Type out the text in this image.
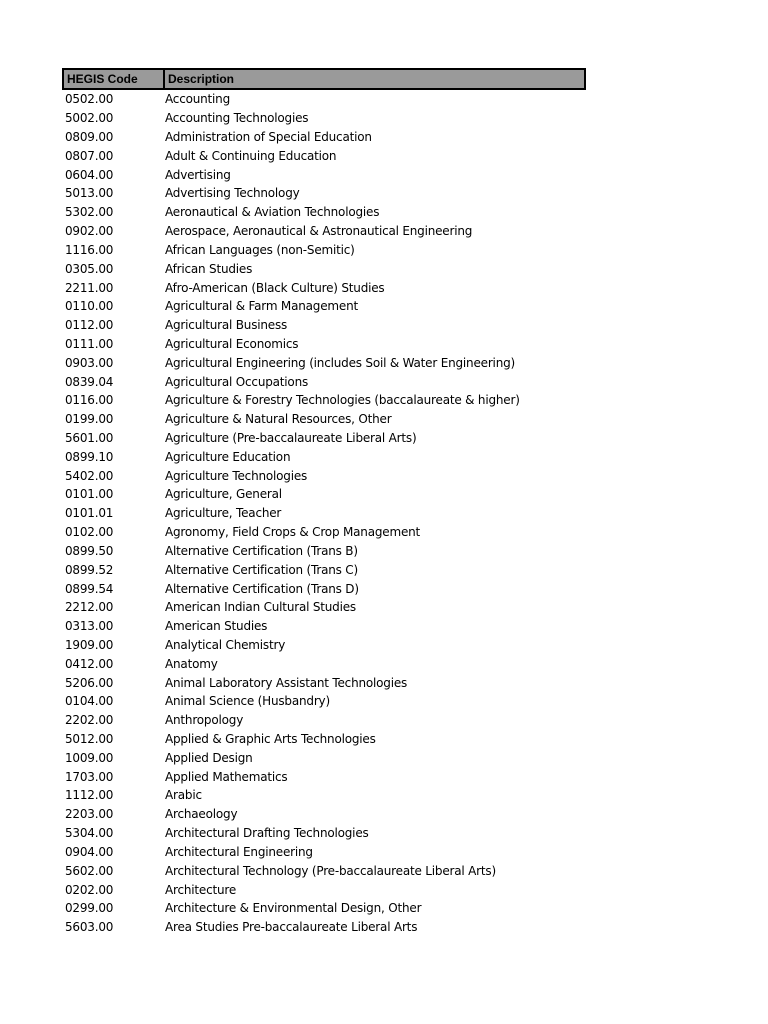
HEGIS Code	Description
0502.00	Accounting
5002.00	Accounting Technologies
0809.00	Administration of Special Education
0807.00	Adult & Continuing Education
0604.00	Advertising
5013.00	Advertising Technology
5302.00	Aeronautical & Aviation Technologies
0902.00	Aerospace, Aeronautical & Astronautical Engineering
1116.00	African Languages (non-Semitic)
0305.00	African Studies
2211.00	Afro-American (Black Culture) Studies
0110.00	Agricultural & Farm Management
0112.00	Agricultural Business
0111.00	Agricultural Economics
0903.00	Agricultural Engineering (includes Soil & Water Engineering)
0839.04	Agricultural Occupations
0116.00	Agriculture & Forestry Technologies (baccalaureate & higher)
0199.00	Agriculture & Natural Resources, Other
5601.00	Agriculture (Pre-baccalaureate Liberal Arts)
0899.10	Agriculture Education
5402.00	Agriculture Technologies
0101.00	Agriculture, General
0101.01	Agriculture, Teacher
0102.00	Agronomy, Field Crops & Crop Management
0899.50	Alternative Certification (Trans B)
0899.52	Alternative Certification (Trans C)
0899.54	Alternative Certification (Trans D)
2212.00	American Indian Cultural Studies
0313.00	American Studies
1909.00	Analytical Chemistry
0412.00	Anatomy
5206.00	Animal Laboratory Assistant Technologies
0104.00	Animal Science (Husbandry)
2202.00	Anthropology
5012.00	Applied & Graphic Arts Technologies
1009.00	Applied Design
1703.00	Applied Mathematics
1112.00	Arabic
2203.00	Archaeology
5304.00	Architectural Drafting Technologies
0904.00	Architectural Engineering
5602.00	Architectural Technology (Pre-baccalaureate Liberal Arts)
0202.00	Architecture
0299.00	Architecture & Environmental Design, Other
5603.00	Area Studies Pre-baccalaureate Liberal Arts
